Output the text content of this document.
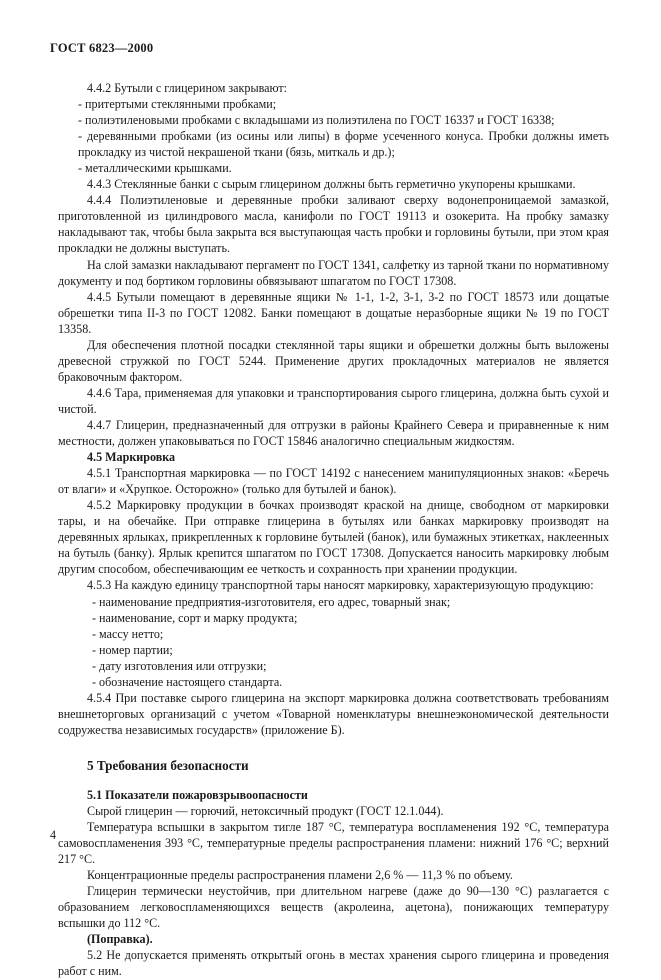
ГОСТ 6823—2000

4.4.2 Бутыли с глицерином закрывают:

- притертыми стеклянными пробками;

- полиэтиленовыми пробками с вкладышами из полиэтилена по ГОСТ 16337 и ГОСТ 16338;

- деревянными пробками (из осины или липы) в форме усеченного конуса. Пробки должны иметь прокладку из чистой некрашеной ткани (бязь, миткаль и др.);

- металлическими крышками.

4.4.3 Стеклянные банки с сырым глицерином должны быть герметично укупорены крышками.

4.4.4 Полиэтиленовые и деревянные пробки заливают сверху водонепроницаемой замазкой, приготовленной из цилиндрового масла, канифоли по ГОСТ 19113 и озокерита. На пробку замазку накладывают так, чтобы была закрыта вся выступающая часть пробки и горловины бутыли, при этом края прокладки не должны выступать.

На слой замазки накладывают пергамент по ГОСТ 1341, салфетку из тарной ткани по нормативному документу и под бортиком горловины обвязывают шпагатом по ГОСТ 17308.

4.4.5 Бутыли помещают в деревянные ящики № 1-1, 1-2, 3-1, 3-2 по ГОСТ 18573 или дощатые обрешетки типа II-3 по ГОСТ 12082. Банки помещают в дощатые неразборные ящики № 19 по ГОСТ 13358.

Для обеспечения плотной посадки стеклянной тары ящики и обрешетки должны быть выложены древесной стружкой по ГОСТ 5244. Применение других прокладочных материалов не является браковочным фактором.

4.4.6 Тара, применяемая для упаковки и транспортирования сырого глицерина, должна быть сухой и чистой.

4.4.7 Глицерин, предназначенный для отгрузки в районы Крайнего Севера и приравненные к ним местности, должен упаковываться по ГОСТ 15846 аналогично специальным жидкостям.

4.5 Маркировка

4.5.1 Транспортная маркировка — по ГОСТ 14192 с нанесением манипуляционных знаков: «Беречь от влаги» и «Хрупкое. Осторожно» (только для бутылей и банок).

4.5.2 Маркировку продукции в бочках производят краской на днище, свободном от маркировки тары, и на обечайке. При отправке глицерина в бутылях или банках маркировку производят на деревянных ярлыках, прикрепленных к горловине бутылей (банок), или бумажных этикетках, наклеенных на бутыль (банку). Ярлык крепится шпагатом по ГОСТ 17308. Допускается наносить маркировку любым другим способом, обеспечивающим ее четкость и сохранность при хранении продукции.

4.5.3 На каждую единицу транспортной тары наносят маркировку, характеризующую продукцию:

- наименование предприятия-изготовителя, его адрес, товарный знак;

- наименование, сорт и марку продукта;

- массу нетто;

- номер партии;

- дату изготовления или отгрузки;

- обозначение настоящего стандарта.

4.5.4 При поставке сырого глицерина на экспорт маркировка должна соответствовать требованиям внешнеторговых организаций с учетом «Товарной номенклатуры внешнеэкономической деятельности содружества независимых государств» (приложение Б).

5 Требования безопасности
5.1 Показатели пожаровзрывоопасности

Сырой глицерин — горючий, нетоксичный продукт (ГОСТ 12.1.044).

Температура вспышки в закрытом тигле 187 °С, температура воспламенения 192 °С, температура самовоспламенения 393 °С, температурные пределы распространения пламени: нижний 176 °С; верхний 217 °С.

Концентрационные пределы распространения пламени 2,6 % — 11,3 % по объему.

Глицерин термически неустойчив, при длительном нагреве (даже до 90—130 °С) разлагается с образованием легковоспламеняющихся веществ (акролеина, ацетона), понижающих температуру вспышки до 112 °С.

(Поправка).

5.2 Не допускается применять открытый огонь в местах хранения сырого глицерина и проведения работ с ним.

4
